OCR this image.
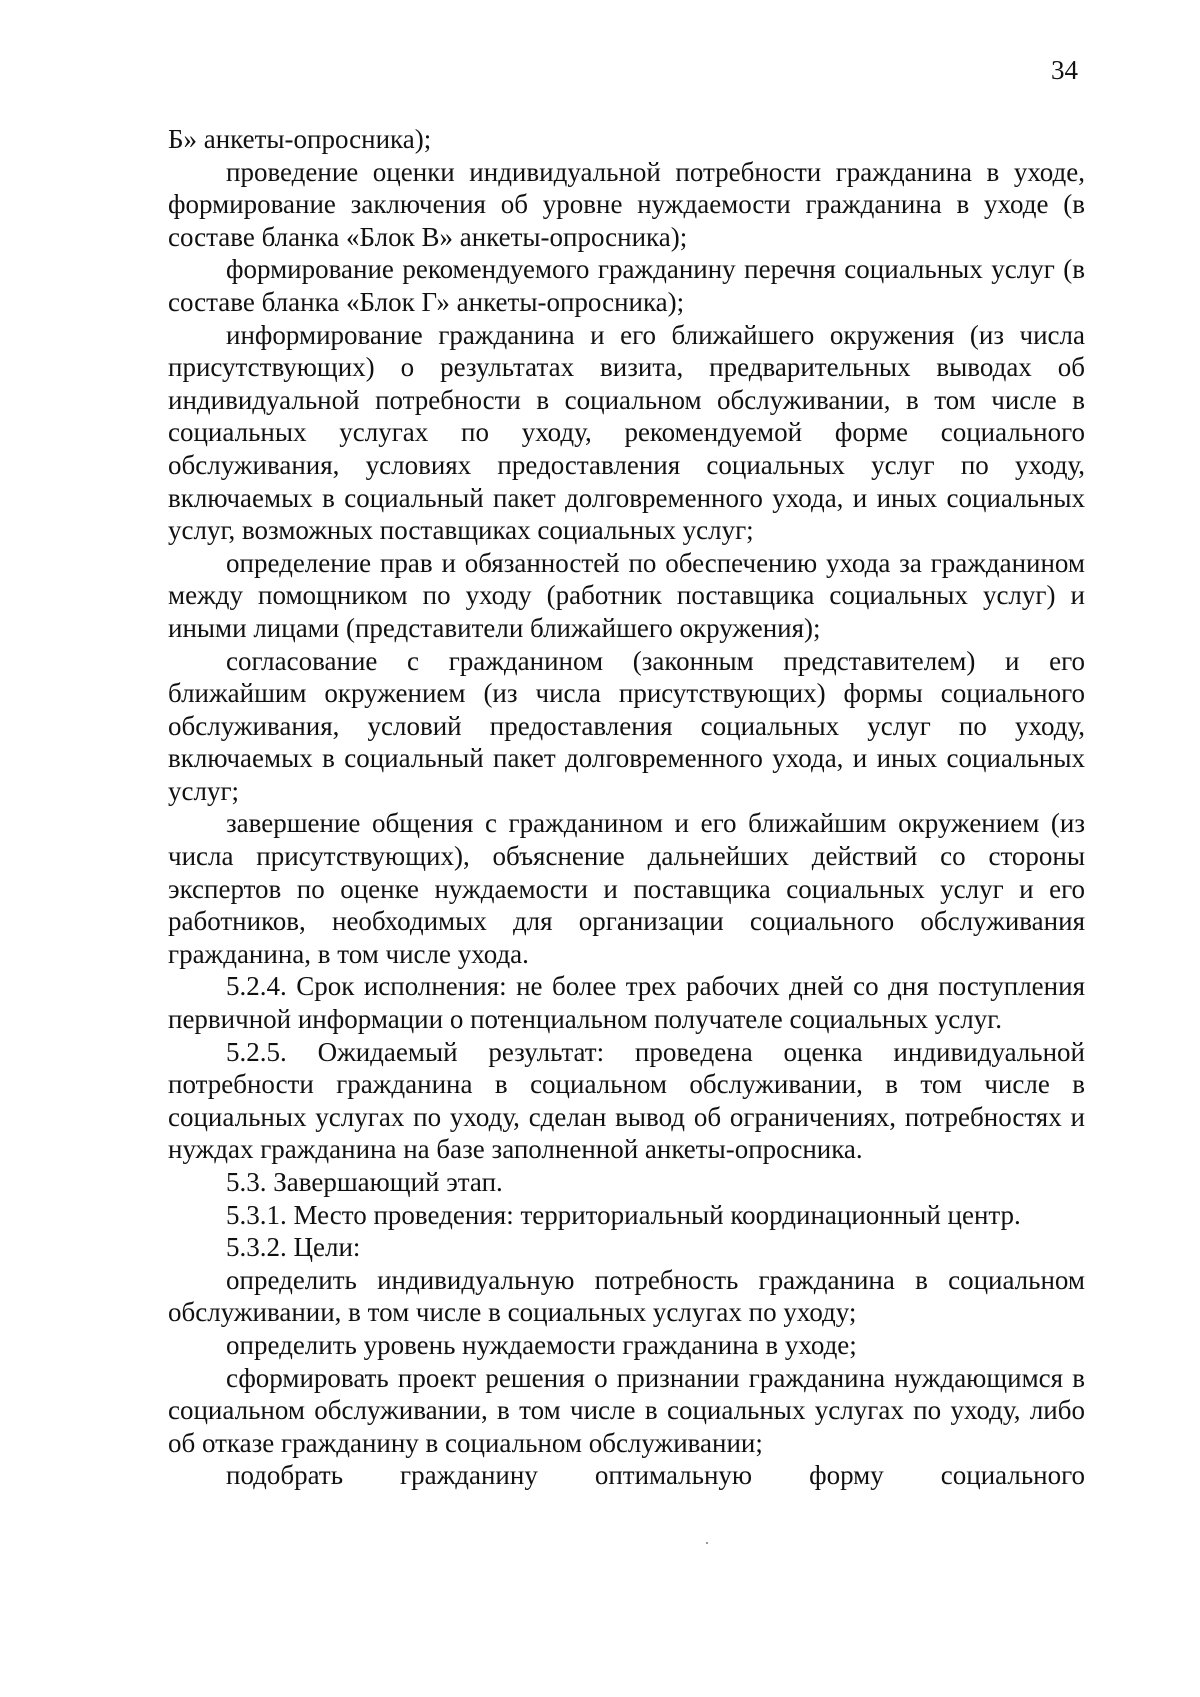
34

Б» анкеты-опросника);

проведение оценки индивидуальной потребности гражданина в уходе, формирование заключения об уровне нуждаемости гражданина в уходе (в составе бланка «Блок В» анкеты-опросника);

формирование рекомендуемого гражданину перечня социальных услуг (в составе бланка «Блок Г» анкеты-опросника);

информирование гражданина и его ближайшего окружения (из числа присутствующих) о результатах визита, предварительных выводах об индивидуальной потребности в социальном обслуживании, в том числе в социальных услугах по уходу, рекомендуемой форме социального обслуживания, условиях предоставления социальных услуг по уходу, включаемых в социальный пакет долговременного ухода, и иных социальных услуг, возможных поставщиках социальных услуг;

определение прав и обязанностей по обеспечению ухода за гражданином между помощником по уходу (работник поставщика социальных услуг) и иными лицами (представители ближайшего окружения);

согласование с гражданином (законным представителем) и его ближайшим окружением (из числа присутствующих) формы социального обслуживания, условий предоставления социальных услуг по уходу, включаемых в социальный пакет долговременного ухода, и иных социальных услуг;

завершение общения с гражданином и его ближайшим окружением (из числа присутствующих), объяснение дальнейших действий со стороны экспертов по оценке нуждаемости и поставщика социальных услуг и его работников, необходимых для организации социального обслуживания гражданина, в том числе ухода.

5.2.4. Срок исполнения: не более трех рабочих дней со дня поступления первичной информации о потенциальном получателе социальных услуг.

5.2.5. Ожидаемый результат: проведена оценка индивидуальной потребности гражданина в социальном обслуживании, в том числе в социальных услугах по уходу, сделан вывод об ограничениях, потребностях и нуждах гражданина на базе заполненной анкеты-опросника.

5.3. Завершающий этап.

5.3.1. Место проведения: территориальный координационный центр.

5.3.2. Цели:

определить индивидуальную потребность гражданина в социальном обслуживании, в том числе в социальных услугах по уходу;

определить уровень нуждаемости гражданина в уходе;

сформировать проект решения о признании гражданина нуждающимся в социальном обслуживании, в том числе в социальных услугах по уходу, либо об отказе гражданину в социальном обслуживании;

подобрать гражданину оптимальную форму социального
